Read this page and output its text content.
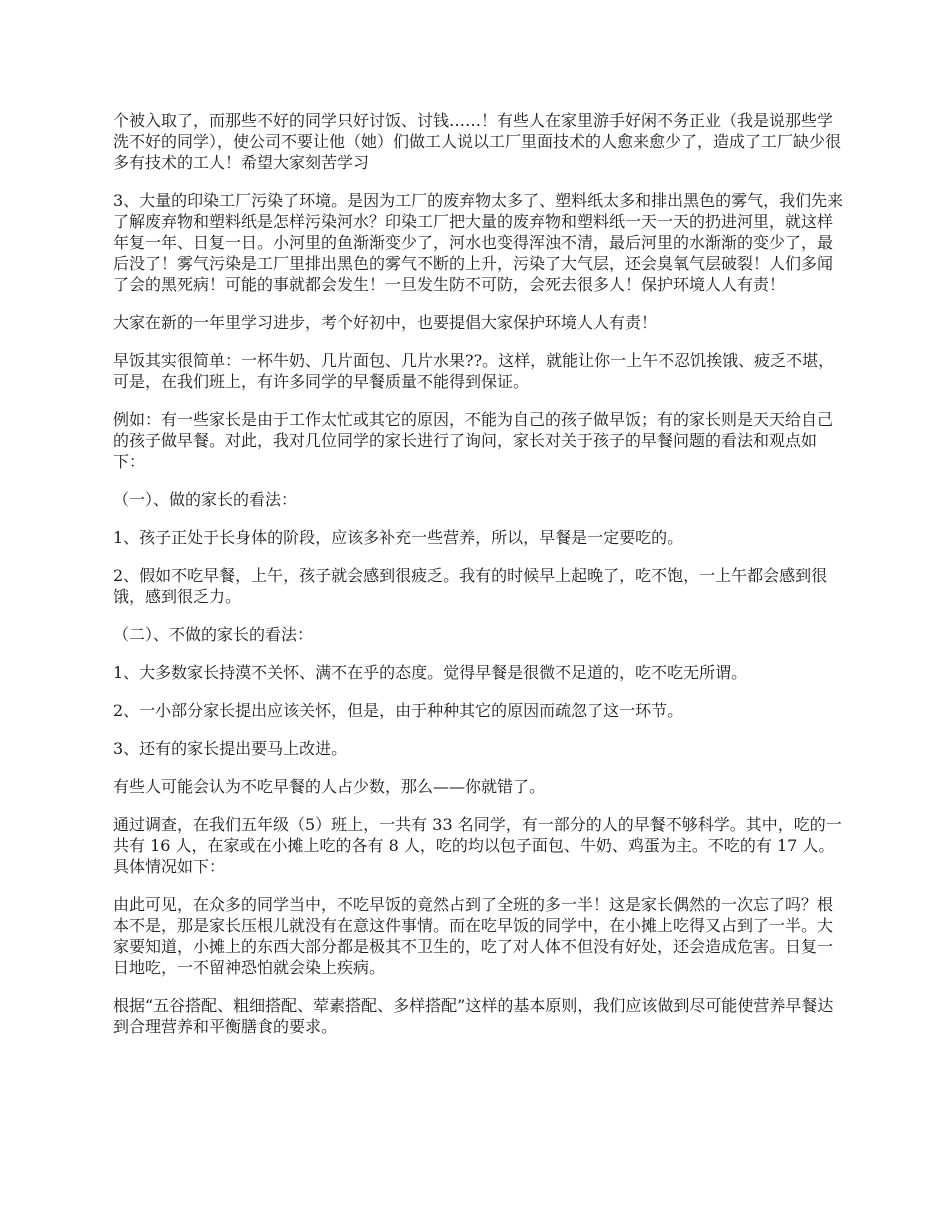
个被入取了，而那些不好的同学只好讨饭、讨钱……！有些人在家里游手好闲不务正业（我是说那些学洗不好的同学），使公司不要让他（她）们做工人说以工厂里面技术的人愈来愈少了，造成了工厂缺少很多有技术的工人！希望大家刻苦学习

3、大量的印染工厂污染了环境。是因为工厂的废弃物太多了、塑料纸太多和排出黑色的雾气，我们先来了解废弃物和塑料纸是怎样污染河水？印染工厂把大量的废弃物和塑料纸一天一天的扔进河里，就这样年复一年、日复一日。小河里的鱼渐渐变少了，河水也变得浑浊不清，最后河里的水渐渐的变少了，最后没了！雾气污染是工厂里排出黑色的雾气不断的上升，污染了大气层，还会臭氧气层破裂！人们多闻了会的黑死病！可能的事就都会发生！一旦发生防不可防，会死去很多人！保护环境人人有责！

大家在新的一年里学习进步，考个好初中，也要提倡大家保护环境人人有责！

早饭其实很简单：一杯牛奶、几片面包、几片水果??。这样，就能让你一上午不忍饥挨饿、疲乏不堪，可是，在我们班上，有许多同学的早餐质量不能得到保证。

例如：有一些家长是由于工作太忙或其它的原因，不能为自己的孩子做早饭；有的家长则是天天给自己的孩子做早餐。对此，我对几位同学的家长进行了询问，家长对关于孩子的早餐问题的看法和观点如下：

（一）、做的家长的看法：

1、孩子正处于长身体的阶段，应该多补充一些营养，所以，早餐是一定要吃的。

2、假如不吃早餐，上午，孩子就会感到很疲乏。我有的时候早上起晚了，吃不饱，一上午都会感到很饿，感到很乏力。

（二）、不做的家长的看法：

1、大多数家长持漠不关怀、满不在乎的态度。觉得早餐是很微不足道的，吃不吃无所谓。

2、一小部分家长提出应该关怀，但是，由于种种其它的原因而疏忽了这一环节。

3、还有的家长提出要马上改进。

有些人可能会认为不吃早餐的人占少数，那么——你就错了。

通过调查，在我们五年级（5）班上，一共有 33 名同学，有一部分的人的早餐不够科学。其中，吃的一共有 16 人，在家或在小摊上吃的各有 8 人，吃的均以包子面包、牛奶、鸡蛋为主。不吃的有 17 人。具体情况如下：

由此可见，在众多的同学当中，不吃早饭的竟然占到了全班的多一半！这是家长偶然的一次忘了吗？根本不是，那是家长压根儿就没有在意这件事情。而在吃早饭的同学中，在小摊上吃得又占到了一半。大家要知道，小摊上的东西大部分都是极其不卫生的，吃了对人体不但没有好处，还会造成危害。日复一日地吃，一不留神恐怕就会染上疾病。

根据“五谷搭配、粗细搭配、荤素搭配、多样搭配”这样的基本原则，我们应该做到尽可能使营养早餐达到合理营养和平衡膳食的要求。
